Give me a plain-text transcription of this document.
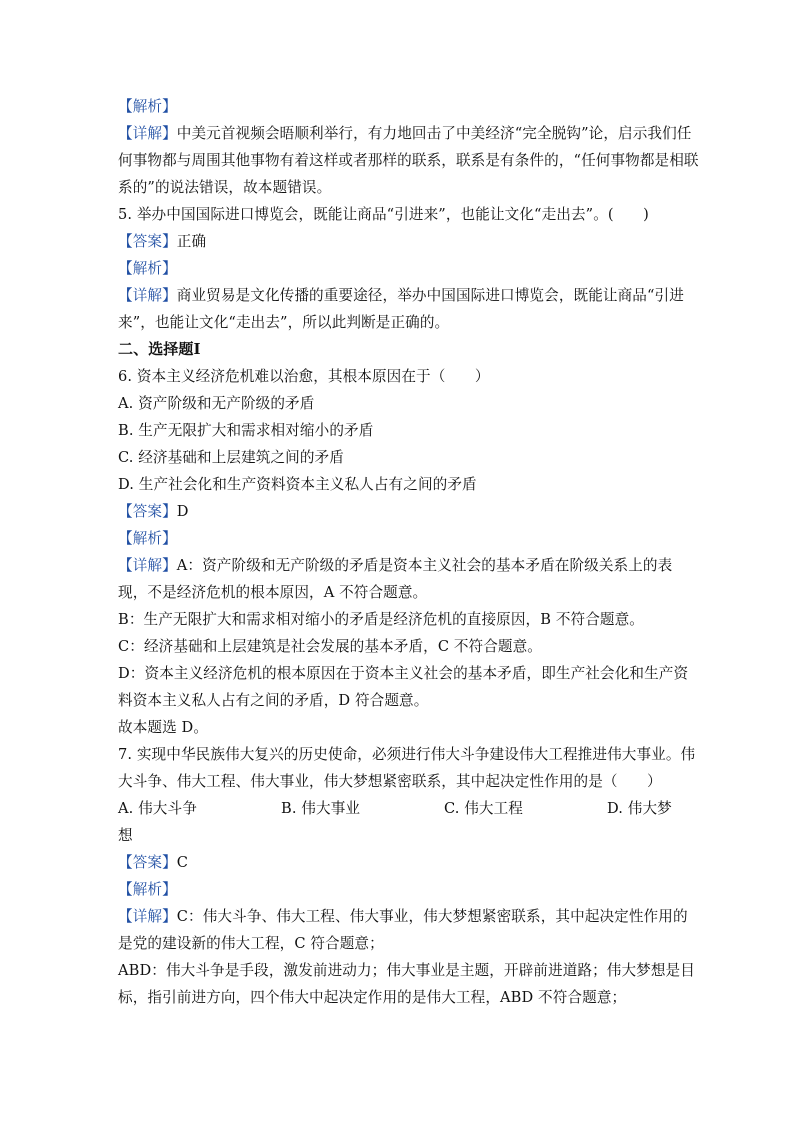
【解析】
【详解】中美元首视频会晤顺利举行，有力地回击了中美经济“完全脱钩”论，启示我们任
何事物都与周围其他事物有着这样或者那样的联系，联系是有条件的，“任何事物都是相联
系的”的说法错误，故本题错误。
5. 举办中国国际进口博览会，既能让商品“引进来”，也能让文化“走出去”。(　　)
【答案】正确
【解析】
【详解】商业贸易是文化传播的重要途径，举办中国国际进口博览会，既能让商品“引进
来”，也能让文化“走出去”，所以此判断是正确的。
二、选择题Ⅰ
6. 资本主义经济危机难以治愈，其根本原因在于（　　）
A. 资产阶级和无产阶级的矛盾
B. 生产无限扩大和需求相对缩小的矛盾
C. 经济基础和上层建筑之间的矛盾
D. 生产社会化和生产资料资本主义私人占有之间的矛盾
【答案】D
【解析】
【详解】A：资产阶级和无产阶级的矛盾是资本主义社会的基本矛盾在阶级关系上的表
现，不是经济危机的根本原因，A 不符合题意。
B：生产无限扩大和需求相对缩小的矛盾是经济危机的直接原因，B 不符合题意。
C：经济基础和上层建筑是社会发展的基本矛盾，C 不符合题意。
D：资本主义经济危机的根本原因在于资本主义社会的基本矛盾，即生产社会化和生产资
料资本主义私人占有之间的矛盾，D 符合题意。
故本题选 D。
7. 实现中华民族伟大复兴的历史使命，必须进行伟大斗争建设伟大工程推进伟大事业。伟
大斗争、伟大工程、伟大事业，伟大梦想紧密联系，其中起决定性作用的是（　　）
A. 伟大斗争	B. 伟大事业	C. 伟大工程	D. 伟大梦
想
【答案】C
【解析】
【详解】C：伟大斗争、伟大工程、伟大事业，伟大梦想紧密联系，其中起决定性作用的
是党的建设新的伟大工程，C 符合题意；
ABD：伟大斗争是手段，激发前进动力；伟大事业是主题，开辟前进道路；伟大梦想是目
标，指引前进方向，四个伟大中起决定作用的是伟大工程，ABD 不符合题意；
